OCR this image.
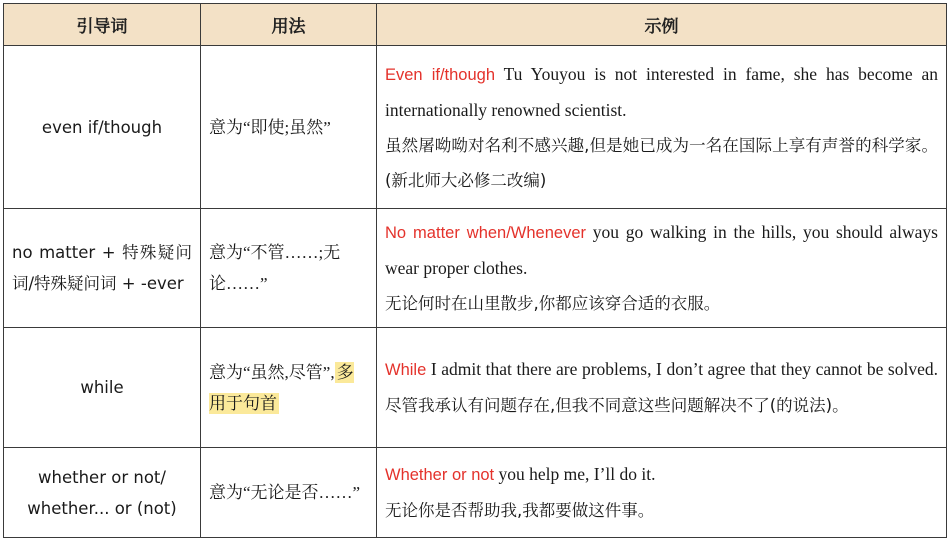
引导词	用法	示例
even if/though	意为“即使;虽然”	Even if/though Tu Youyou is not interested in fame, she has become an internationally renowned scientist.
虽然屠呦呦对名利不感兴趣,但是她已成为一名在国际上享有声誉的科学家。(新北师大必修二改编)
no matter + 特殊疑问词/特殊疑问词 + -ever	意为“不管……;无论……”	No matter when/Whenever you go walking in the hills, you should always wear proper clothes.
无论何时在山里散步,你都应该穿合适的衣服。
while	意为“虽然,尽管”, 多用于句首	While I admit that there are problems, I don’t agree that they cannot be solved. 尽管我承认有问题存在,但我不同意这些问题解决不了(的说法)。
whether or not/ whether... or (not)	意为“无论是否……”	Whether or not you help me, I’ll do it.
无论你是否帮助我,我都要做这件事。
